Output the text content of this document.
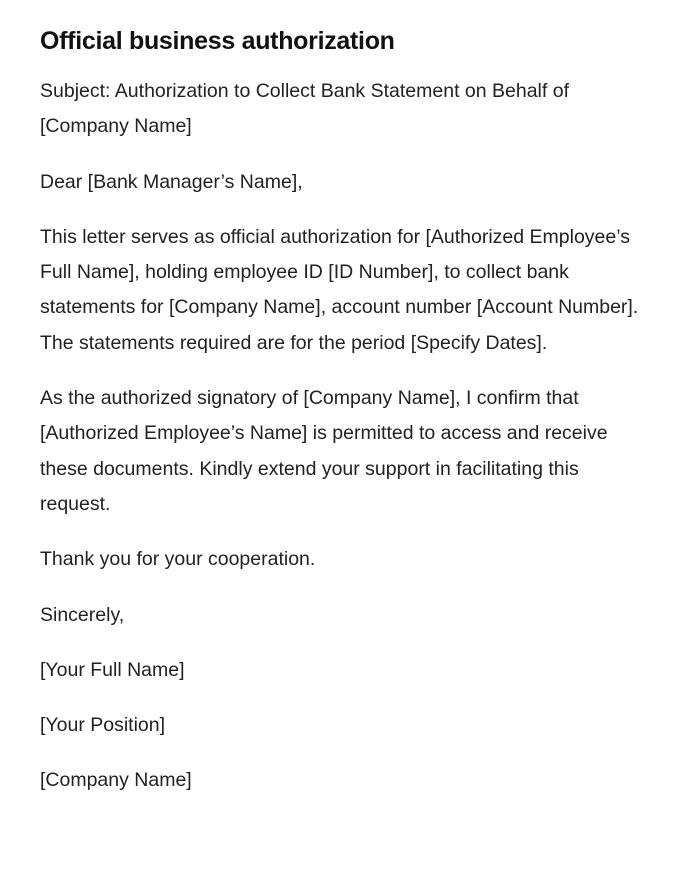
Official business authorization

Subject: Authorization to Collect Bank Statement on Behalf of [Company Name]

Dear [Bank Manager’s Name],

This letter serves as official authorization for [Authorized Employee’s Full Name], holding employee ID [ID Number], to collect bank statements for [Company Name], account number [Account Number]. The statements required are for the period [Specify Dates].

As the authorized signatory of [Company Name], I confirm that [Authorized Employee’s Name] is permitted to access and receive these documents. Kindly extend your support in facilitating this request.

Thank you for your cooperation.

Sincerely,

[Your Full Name]

[Your Position]

[Company Name]
